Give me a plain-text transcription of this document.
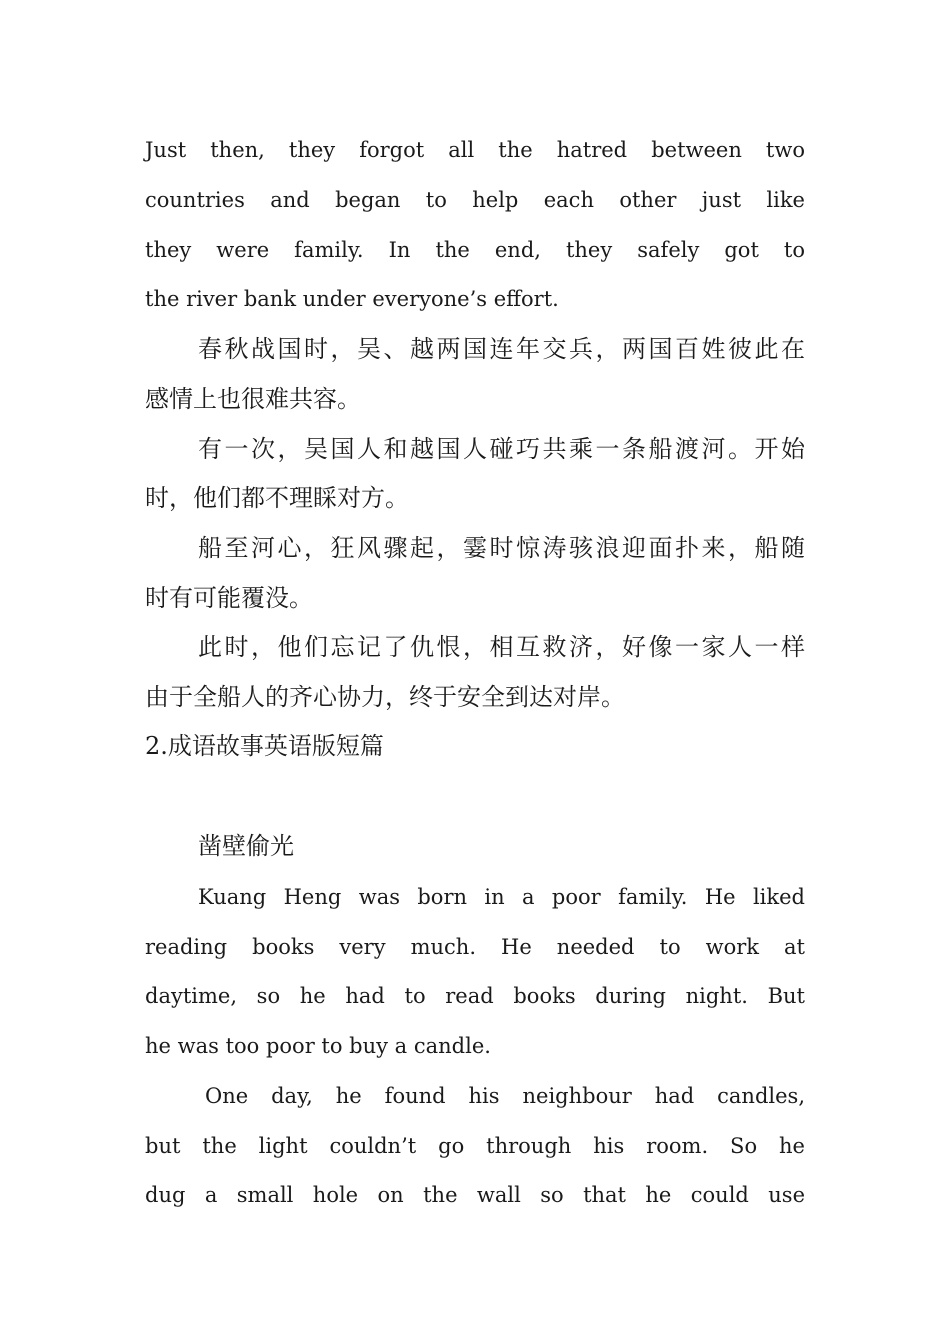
Just then, they forgot all the hatred between two
countries and began to help each other just like
they were family. In the end, they safely got to
the river bank under everyone’s effort.
春秋战国时，吴、越两国连年交兵，两国百姓彼此在
感情上也很难共容。
有一次，吴国人和越国人碰巧共乘一条船渡河。开始
时，他们都不理睬对方。
船至河心，狂风骤起，霎时惊涛骇浪迎面扑来，船随
时有可能覆没。
此时，他们忘记了仇恨，相互救济，好像一家人一样
由于全船人的齐心协力，终于安全到达对岸。
2.成语故事英语版短篇
凿壁偷光
Kuang Heng was born in a poor family. He liked
reading books very much. He needed to work at
daytime, so he had to read books during night. But
he was too poor to buy a candle.
One day, he found his neighbour had candles,
but the light couldn’t go through his room. So he
dug a small hole on the wall so that he could use
